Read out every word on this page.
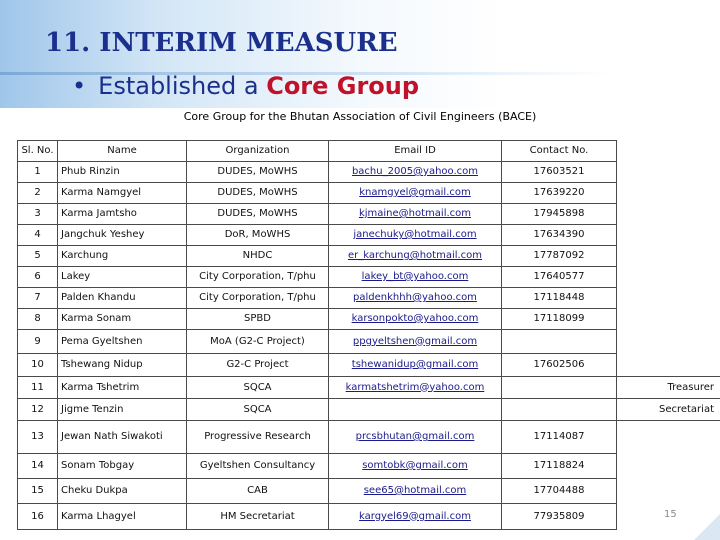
11. INTERIM MEASURE
• Established a Core Group
Core Group for the Bhutan Association of Civil Engineers (BACE)
Sl. No.	Name	Organization	Email ID	Contact No.	
1	Phub Rinzin	DUDES, MoWHS	bachu_2005@yahoo.com	17603521	
2	Karma Namgyel	DUDES, MoWHS	knamgyel@gmail.com	17639220	
3	Karma Jamtsho	DUDES, MoWHS	kjmaine@hotmail.com	17945898	
4	Jangchuk Yeshey	DoR, MoWHS	janechuky@hotmail.com	17634390	
5	Karchung	NHDC	er_karchung@hotmail.com	17787092	
6	Lakey	City Corporation, T/phu	lakey_bt@yahoo.com	17640577	
7	Palden Khandu	City Corporation, T/phu	paldenkhhh@yahoo.com	17118448	
8	Karma Sonam	SPBD	karsonpokto@yahoo.com	17118099	
9	Pema Gyeltshen	MoA (G2-C Project)	ppgyeltshen@gmail.com		
10	Tshewang Nidup	G2-C Project	tshewanidup@gmail.com	17602506	
11	Karma Tshetrim	SQCA	karmatshetrim@yahoo.com		Treasurer
12	Jigme Tenzin	SQCA			Secretariat
13	Jewan Nath Siwakoti	Progressive Research	prcsbhutan@gmail.com	17114087	
14	Sonam Tobgay	Gyeltshen Consultancy	somtobk@gmail.com	17118824	
15	Cheku Dukpa	CAB	see65@hotmail.com	17704488	
16	Karma Lhagyel	HM Secretariat	kargyel69@gmail.com	77935809		15
